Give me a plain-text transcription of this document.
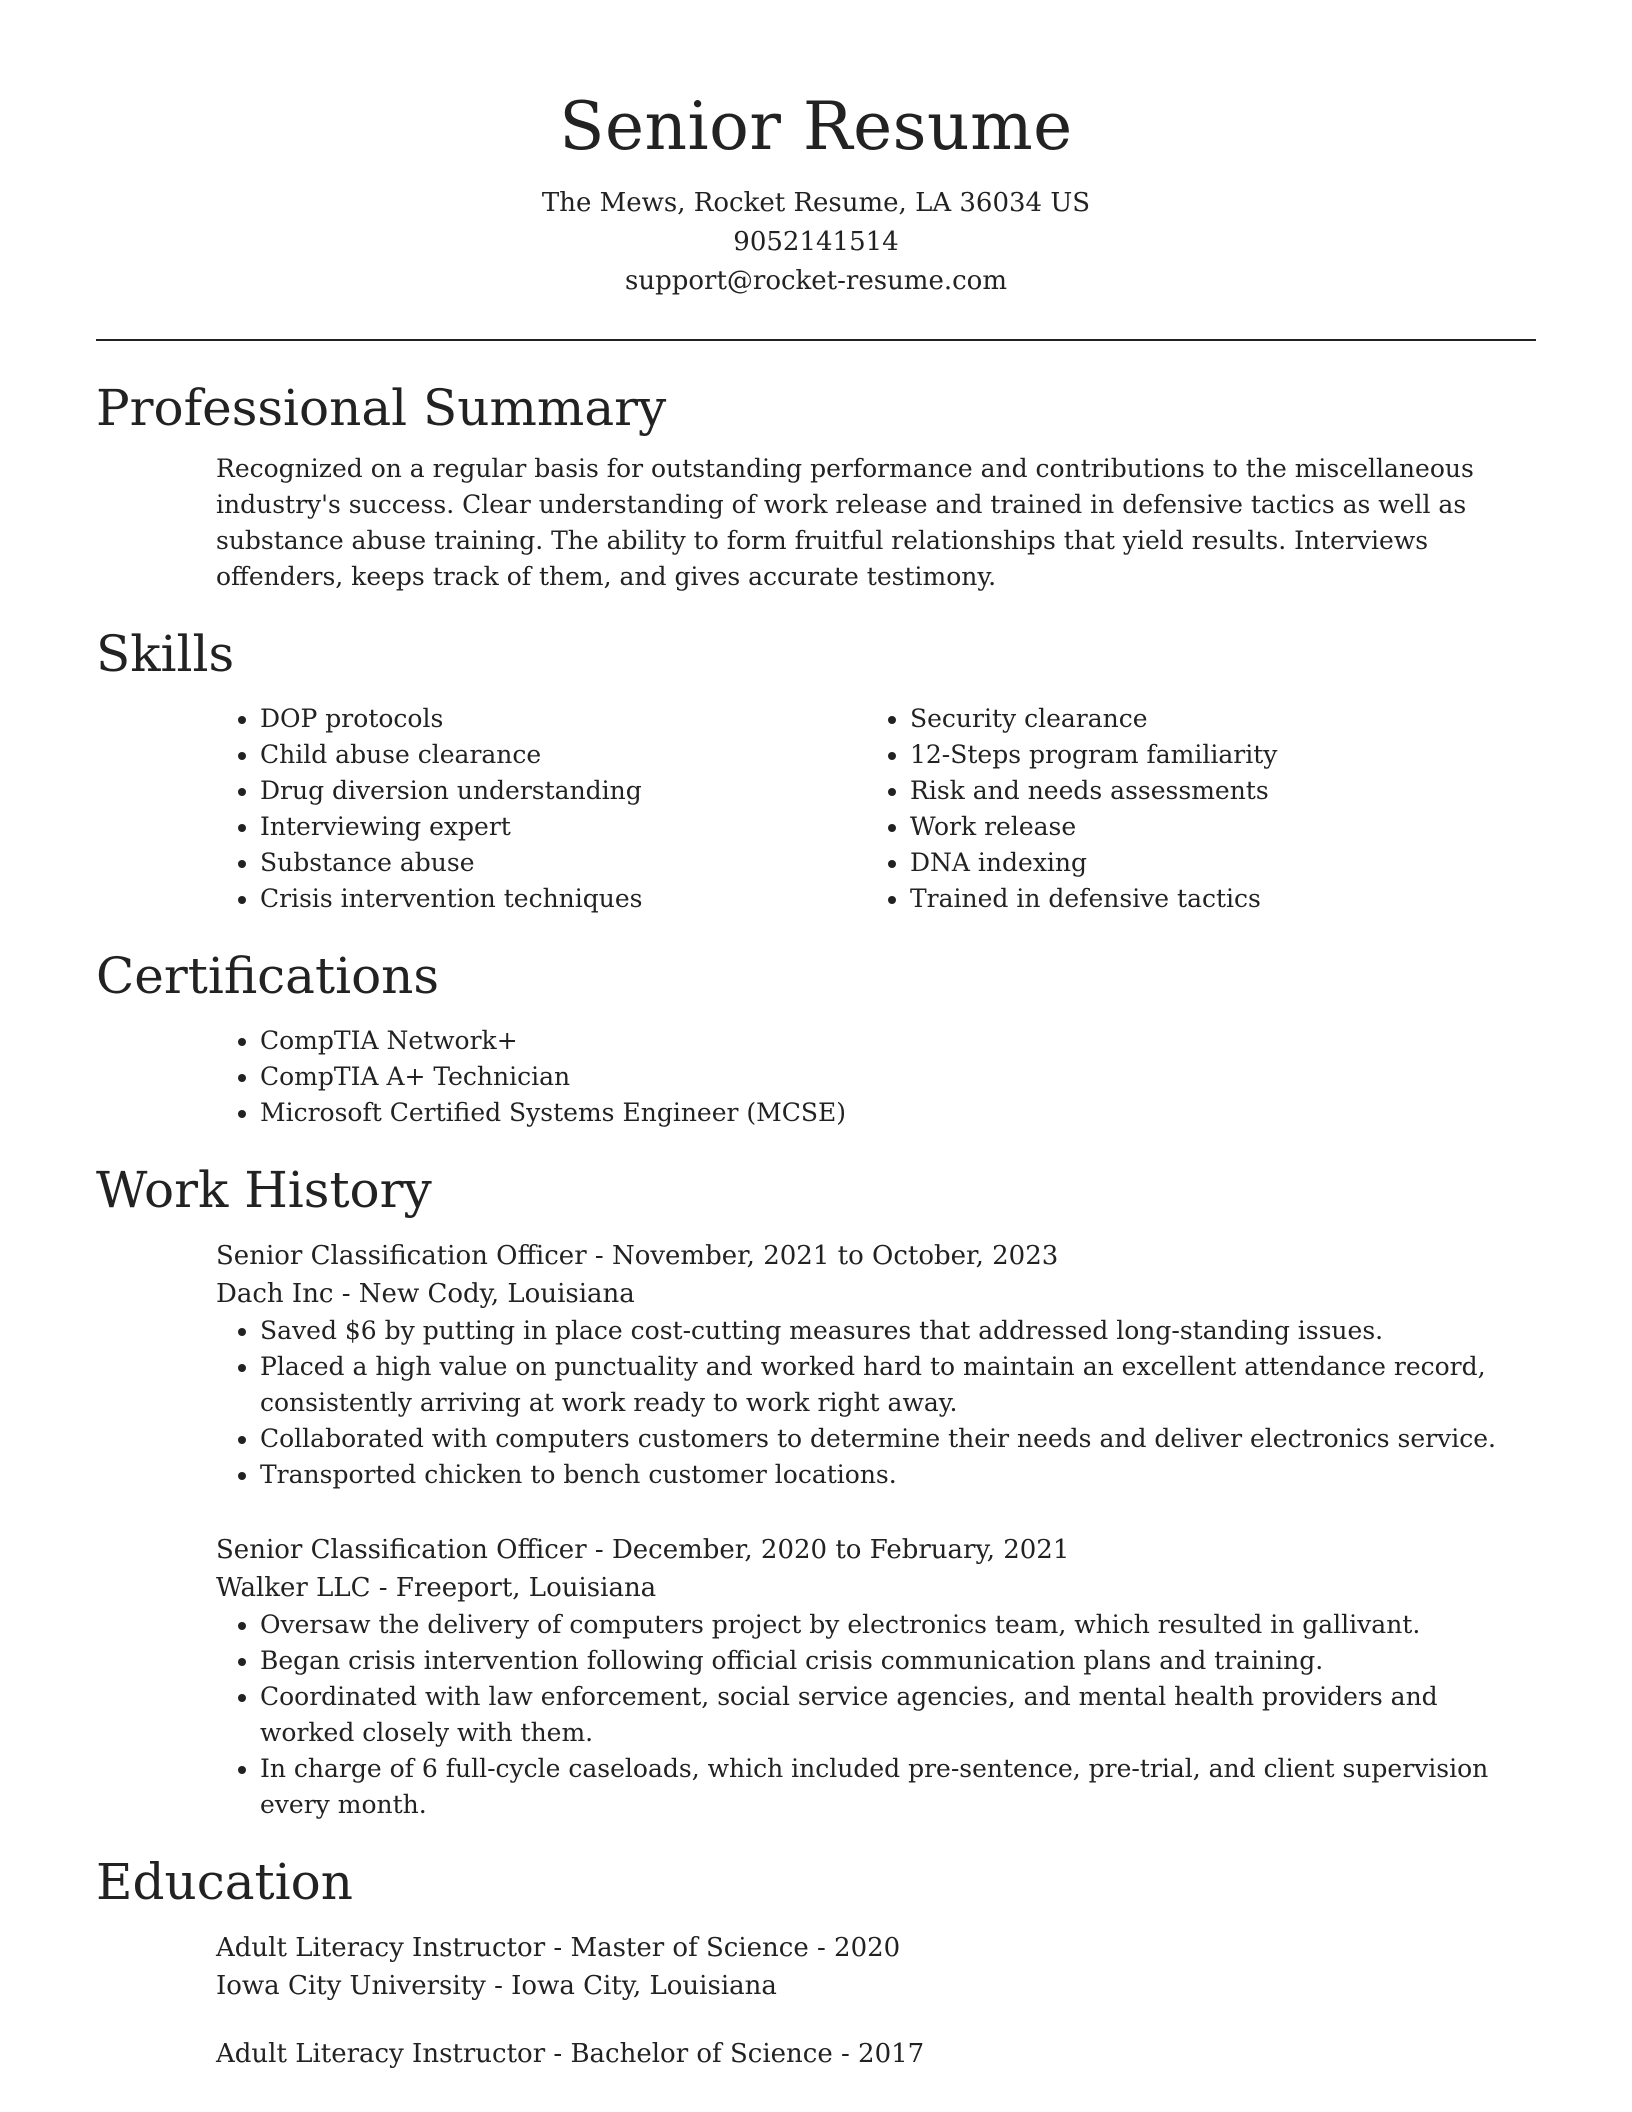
Senior Resume

The Mews, Rocket Resume, LA 36034 US

9052141514

support@rocket-resume.com

Professional Summary

Recognized on a regular basis for outstanding performance and contributions to the miscellaneous industry's success. Clear understanding of work release and trained in defensive tactics as well as substance abuse training. The ability to form fruitful relationships that yield results. Interviews offenders, keeps track of them, and gives accurate testimony.

Skills
• DOP protocols
• Child abuse clearance
• Drug diversion understanding
• Interviewing expert
• Substance abuse
• Crisis intervention techniques
• Security clearance
• 12-Steps program familiarity
• Risk and needs assessments
• Work release
• DNA indexing
• Trained in defensive tactics
Certifications
• CompTIA Network+
• CompTIA A+ Technician
• Microsoft Certified Systems Engineer (MCSE)
Work History

Senior Classification Officer - November, 2021 to October, 2023

Dach Inc - New Cody, Louisiana

• Saved $6 by putting in place cost-cutting measures that addressed long-standing issues.
• Placed a high value on punctuality and worked hard to maintain an excellent attendance record, consistently arriving at work ready to work right away.
• Collaborated with computers customers to determine their needs and deliver electronics service.
• Transported chicken to bench customer locations.

Senior Classification Officer - December, 2020 to February, 2021

Walker LLC - Freeport, Louisiana

• Oversaw the delivery of computers project by electronics team, which resulted in gallivant.
• Began crisis intervention following official crisis communication plans and training.
• Coordinated with law enforcement, social service agencies, and mental health providers and worked closely with them.
• In charge of 6 full-cycle caseloads, which included pre-sentence, pre-trial, and client supervision every month.
Education

Adult Literacy Instructor - Master of Science - 2020

Iowa City University - Iowa City, Louisiana

Adult Literacy Instructor - Bachelor of Science - 2017
